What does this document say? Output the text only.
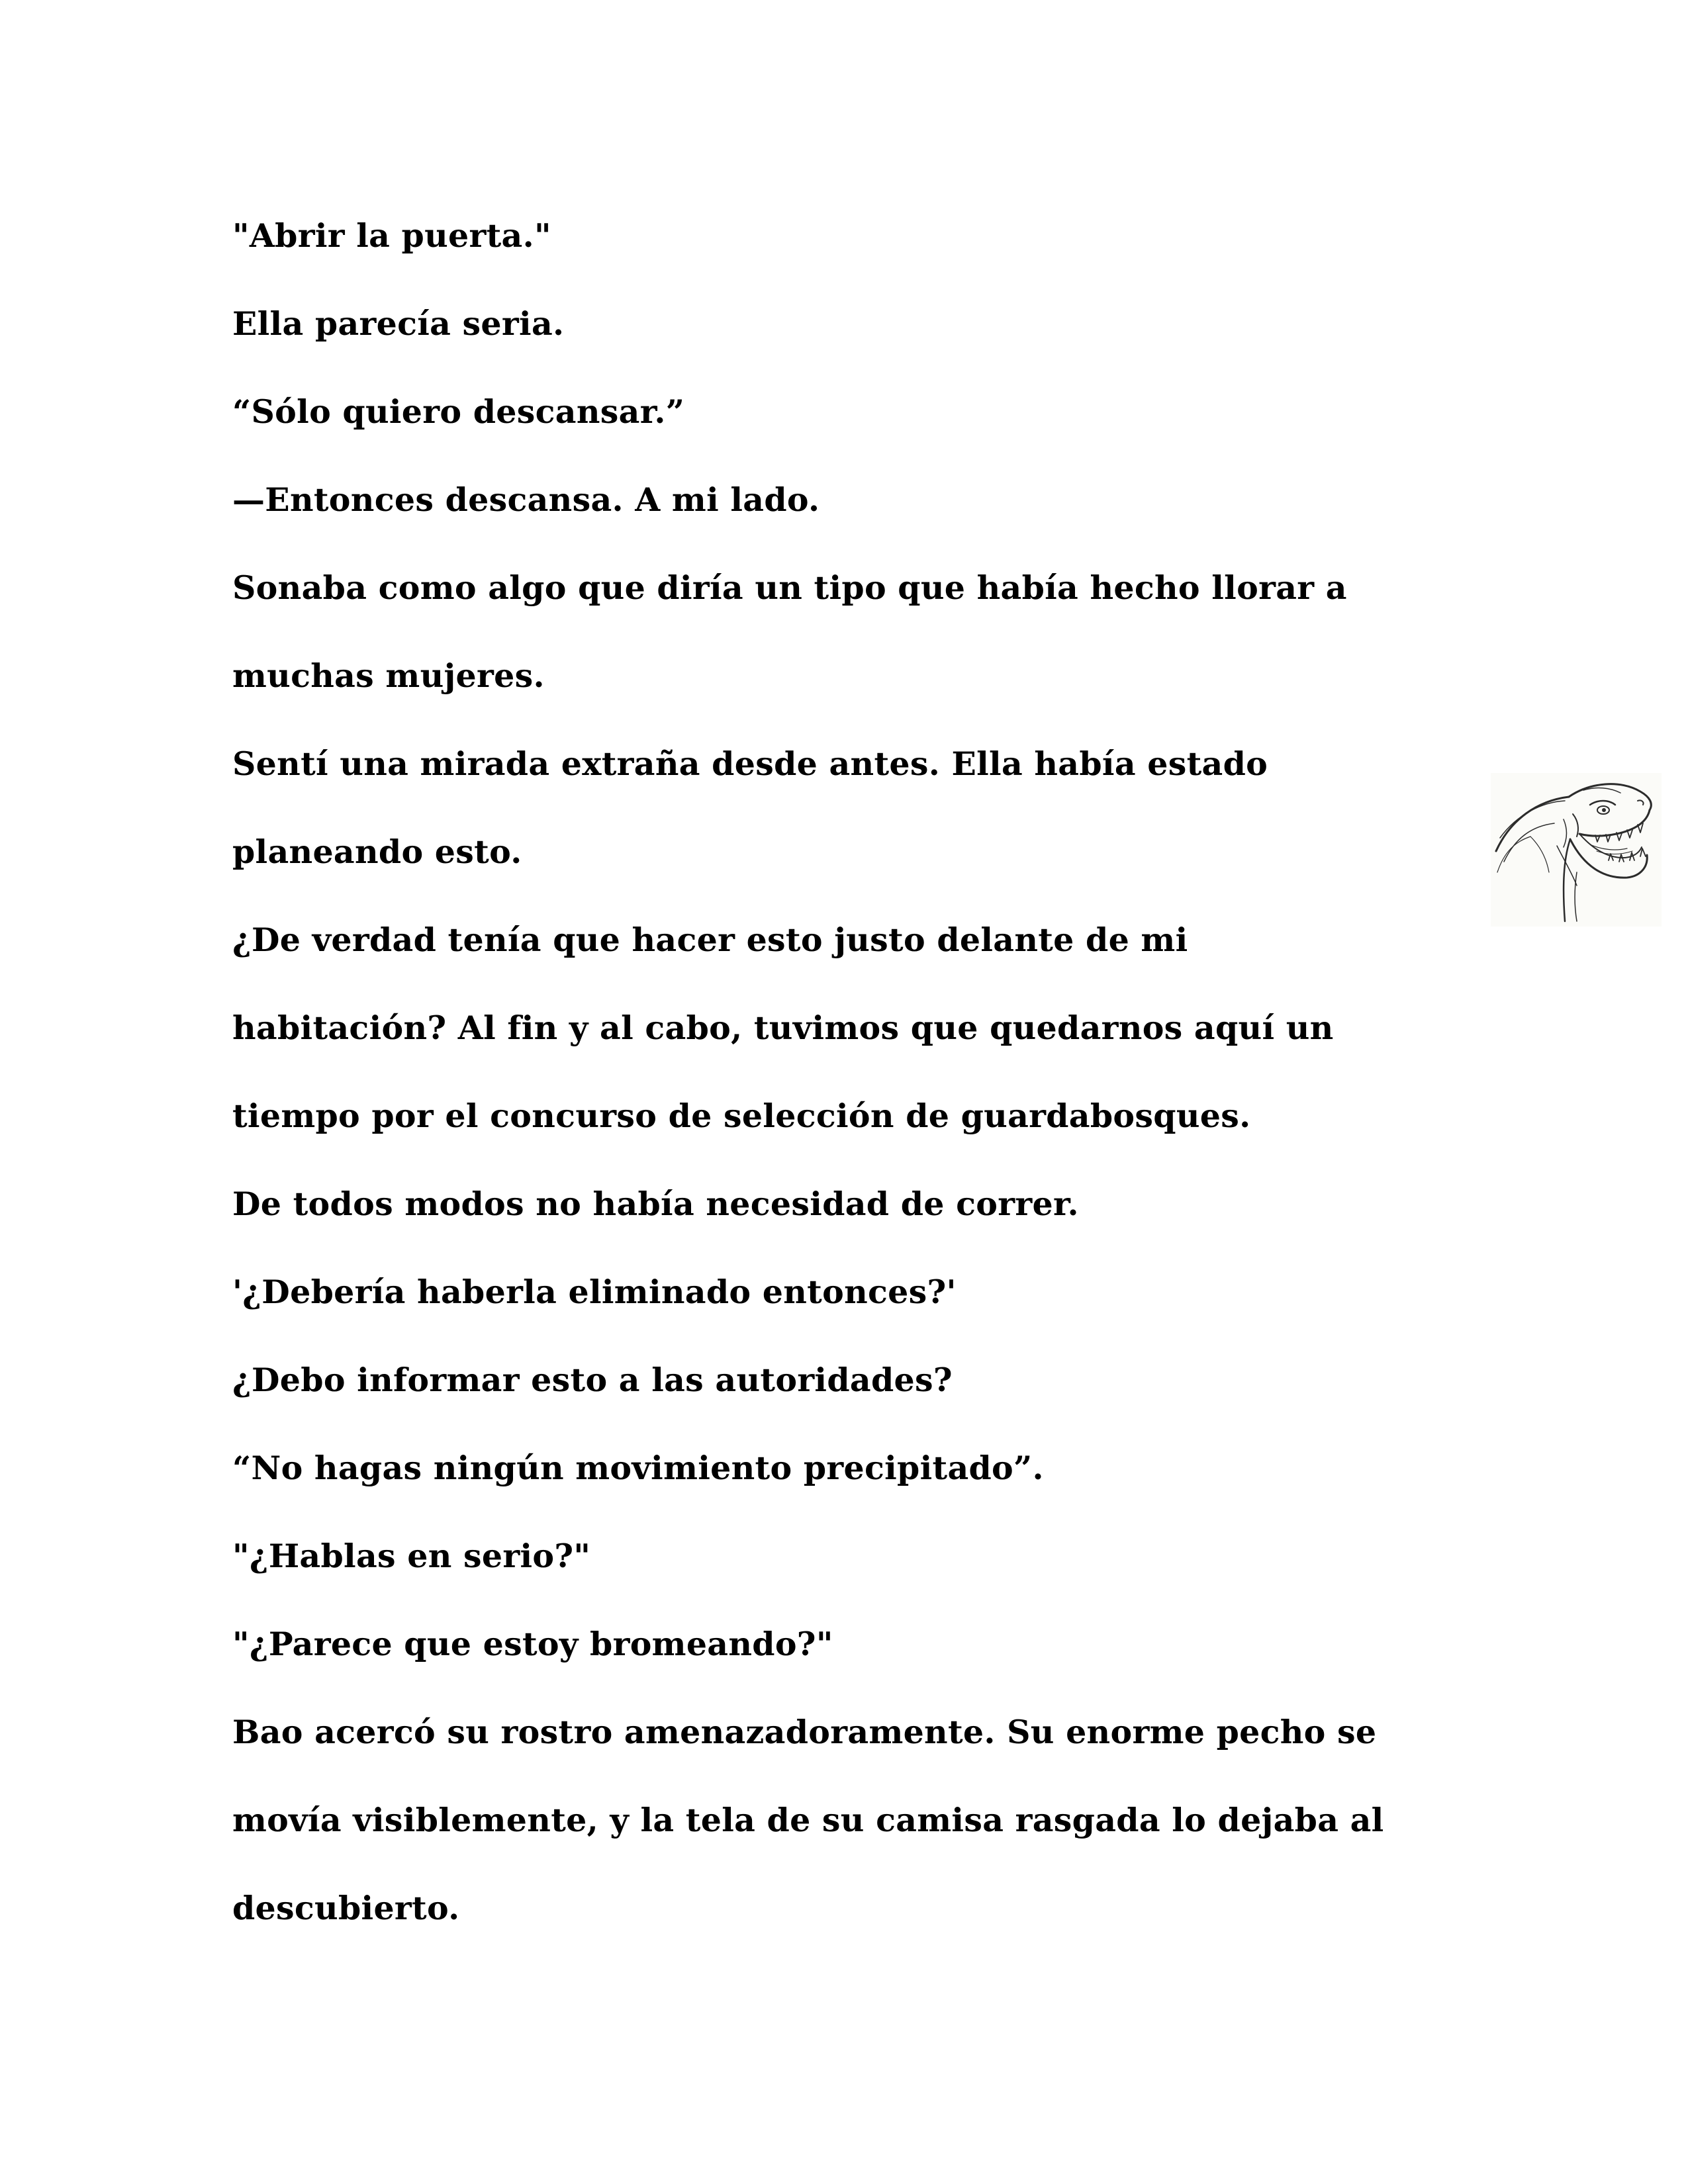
"Abrir la puerta."
Ella parecía seria.
“Sólo quiero descansar.”
—Entonces descansa. A mi lado.
Sonaba como algo que diría un tipo que había hecho llorar a
muchas mujeres.
Sentí una mirada extraña desde antes. Ella había estado
planeando esto.
¿De verdad tenía que hacer esto justo delante de mi
habitación? Al fin y al cabo, tuvimos que quedarnos aquí un
tiempo por el concurso de selección de guardabosques.
De todos modos no había necesidad de correr.
'¿Debería haberla eliminado entonces?'
¿Debo informar esto a las autoridades?
“No hagas ningún movimiento precipitado”.
"¿Hablas en serio?"
"¿Parece que estoy bromeando?"
Bao acercó su rostro amenazadoramente. Su enorme pecho se
movía visiblemente, y la tela de su camisa rasgada lo dejaba al
descubierto.
